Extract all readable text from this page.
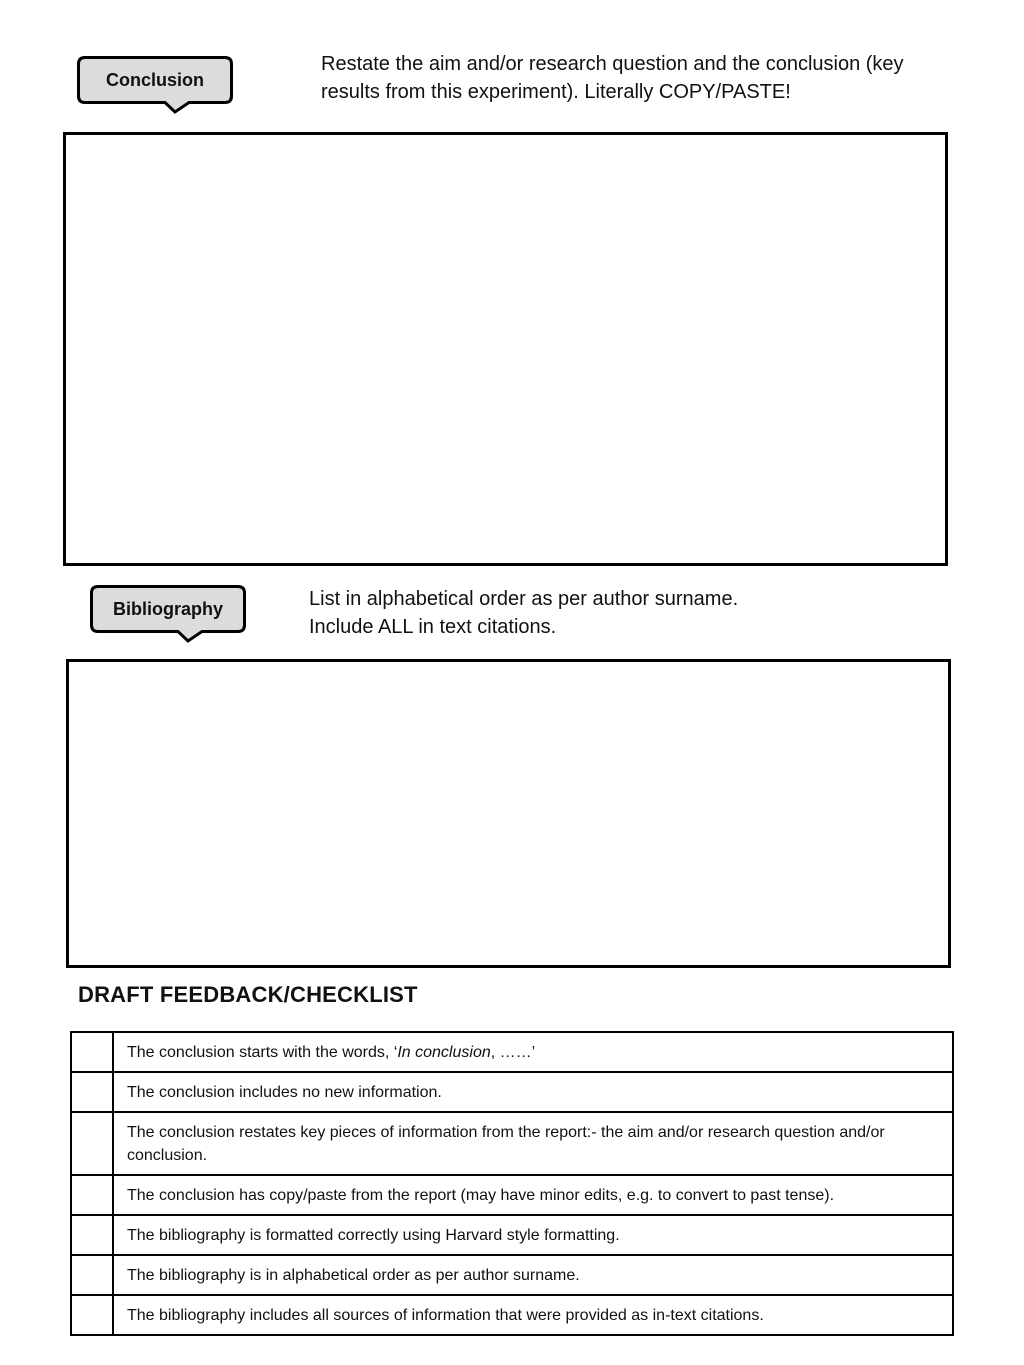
Conclusion
Restate the aim and/or research question and the conclusion (key
results from this experiment). Literally COPY/PASTE!
Bibliography	List in alphabetical order as per author surname.
Include ALL in text citations.
DRAFT FEEDBACK/CHECKLIST
	The conclusion starts with the words, ‘In conclusion, ……’
	The conclusion includes no new information.
	The conclusion restates key pieces of information from the report:- the aim and/or research question and/or conclusion.
	The conclusion has copy/paste from the report (may have minor edits, e.g. to convert to past tense).
	The bibliography is formatted correctly using Harvard style formatting.
	The bibliography is in alphabetical order as per author surname.
	The bibliography includes all sources of information that were provided as in-text citations.
